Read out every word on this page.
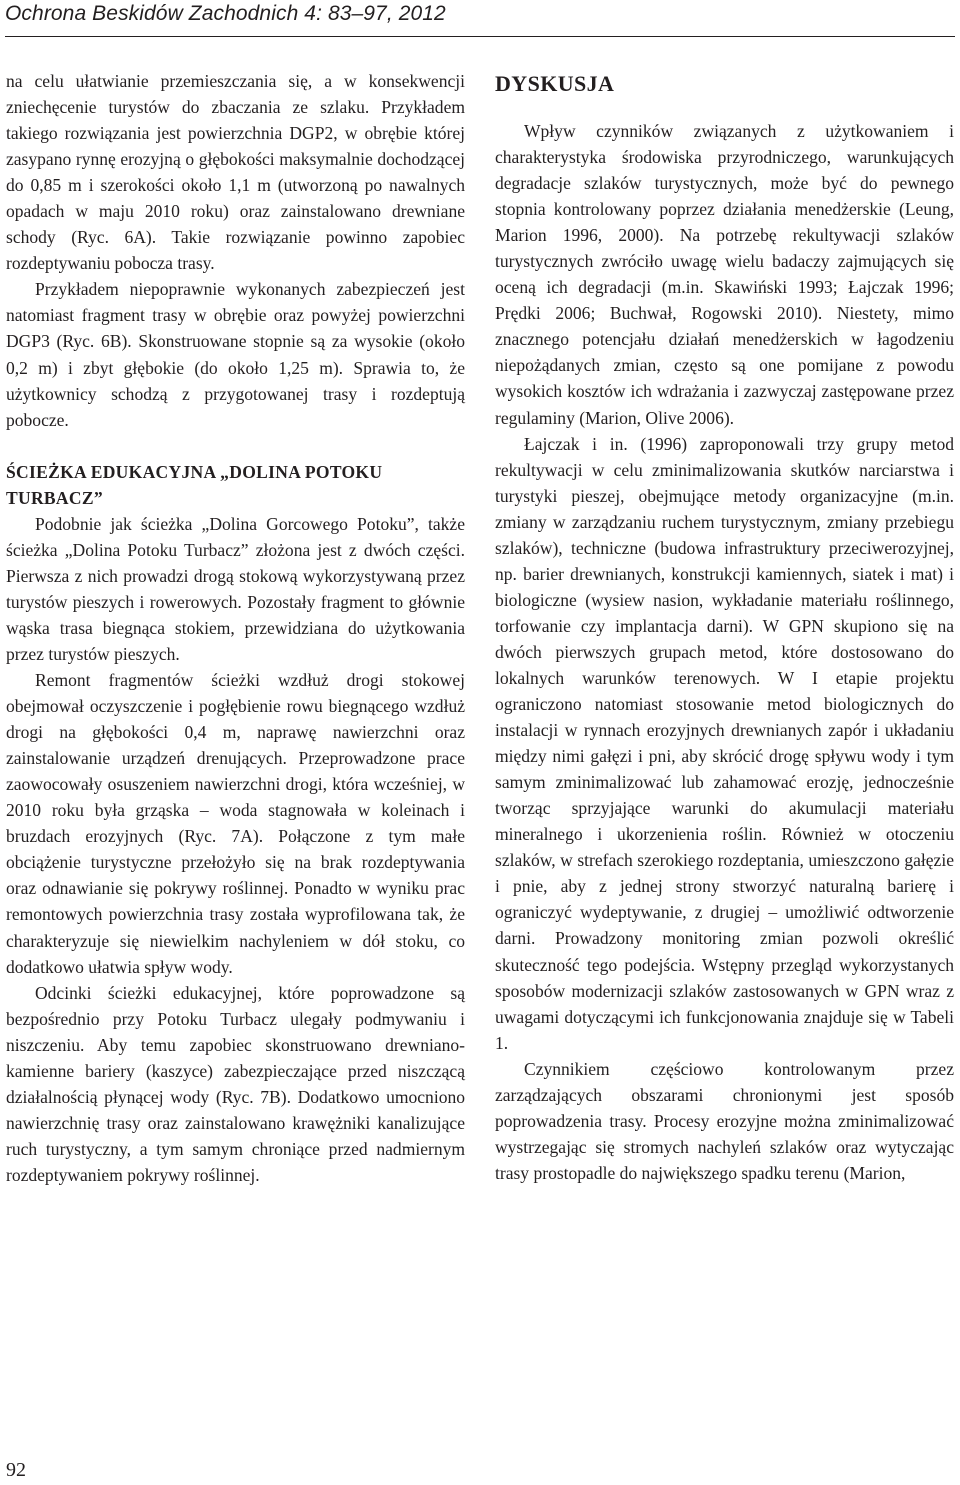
Ochrona Beskidów Zachodnich 4: 83–97, 2012

na celu ułatwianie przemieszczania się, a w konsekwencji zniechęcenie turystów do zbaczania ze szlaku. Przykładem takiego rozwiązania jest powierzchnia DGP2, w obrębie której zasypano rynnę erozyjną o głębokości maksymalnie dochodzącej do 0,85 m i szerokości około 1,1 m (utworzoną po nawalnych opadach w maju 2010 roku) oraz zainstalowano drewniane schody (Ryc. 6A). Takie rozwiązanie powinno zapobiec rozdeptywaniu pobocza trasy.

Przykładem niepoprawnie wykonanych zabezpieczeń jest natomiast fragment trasy w obrębie oraz powyżej powierzchni DGP3 (Ryc. 6B). Skonstruowane stopnie są za wysokie (około 0,2 m) i zbyt głębokie (do około 1,25 m). Sprawia to, że użytkownicy schodzą z przygotowanej trasy i rozdeptują pobocze.

ŚCIEŻKA EDUKACYJNA „DOLINA POTOKU TURBACZ”

Podobnie jak ścieżka „Dolina Gorcowego Potoku”, także ścieżka „Dolina Potoku Turbacz” złożona jest z dwóch części. Pierwsza z nich prowadzi drogą stokową wykorzystywaną przez turystów pieszych i rowerowych. Pozostały fragment to głównie wąska trasa biegnąca stokiem, przewidziana do użytkowania przez turystów pieszych.

Remont fragmentów ścieżki wzdłuż drogi stokowej obejmował oczyszczenie i pogłębienie rowu biegnącego wzdłuż drogi na głębokości 0,4 m, naprawę nawierzchni oraz zainstalowanie urządzeń drenujących. Przeprowadzone prace zaowocowały osuszeniem nawierzchni drogi, która wcześniej, w 2010 roku była grząska – woda stagnowała w koleinach i bruzdach erozyjnych (Ryc. 7A). Połączone z tym małe obciążenie turystyczne przełożyło się na brak rozdeptywania oraz odnawianie się pokrywy roślinnej. Ponadto w wyniku prac remontowych powierzchnia trasy została wyprofilowana tak, że charakteryzuje się niewielkim nachyleniem w dół stoku, co dodatkowo ułatwia spływ wody.

Odcinki ścieżki edukacyjnej, które poprowadzone są bezpośrednio przy Potoku Turbacz ulegały podmywaniu i niszczeniu. Aby temu zapobiec skonstruowano drewniano-kamienne bariery (kaszyce) zabezpieczające przed niszczącą działalnością płynącej wody (Ryc. 7B). Dodatkowo umocniono nawierzchnię trasy oraz zainstalowano krawężniki kanalizujące ruch turystyczny, a tym samym chroniące przed nadmiernym rozdeptywaniem pokrywy roślinnej.

DYSKUSJA

Wpływ czynników związanych z użytkowaniem i charakterystyka środowiska przyrodniczego, warunkujących degradacje szlaków turystycznych, może być do pewnego stopnia kontrolowany poprzez działania menedżerskie (Leung, Marion 1996, 2000). Na potrzebę rekultywacji szlaków turystycznych zwróciło uwagę wielu badaczy zajmujących się oceną ich degradacji (m.in. Skawiński 1993; Łajczak 1996; Prędki 2006; Buchwał, Rogowski 2010). Niestety, mimo znacznego potencjału działań menedżerskich w łagodzeniu niepożądanych zmian, często są one pomijane z powodu wysokich kosztów ich wdrażania i zazwyczaj zastępowane przez regulaminy (Marion, Olive 2006).

Łajczak i in. (1996) zaproponowali trzy grupy metod rekultywacji w celu zminimalizowania skutków narciarstwa i turystyki pieszej, obejmujące metody organizacyjne (m.in. zmiany w zarządzaniu ruchem turystycznym, zmiany przebiegu szlaków), techniczne (budowa infrastruktury przeciwerozyjnej, np. barier drewnianych, konstrukcji kamiennych, siatek i mat) i biologiczne (wysiew nasion, wykładanie materiału roślinnego, torfowanie czy implantacja darni). W GPN skupiono się na dwóch pierwszych grupach metod, które dostosowano do lokalnych warunków terenowych. W I etapie projektu ograniczono natomiast stosowanie metod biologicznych do instalacji w rynnach erozyjnych drewnianych zapór i układaniu między nimi gałęzi i pni, aby skrócić drogę spływu wody i tym samym zminimalizować lub zahamować erozję, jednocześnie tworząc sprzyjające warunki do akumulacji materiału mineralnego i ukorzenienia roślin. Również w otoczeniu szlaków, w strefach szerokiego rozdeptania, umieszczono gałęzie i pnie, aby z jednej strony stworzyć naturalną barierę i ograniczyć wydeptywanie, z drugiej – umożliwić odtworzenie darni. Prowadzony monitoring zmian pozwoli określić skuteczność tego podejścia. Wstępny przegląd wykorzystanych sposobów modernizacji szlaków zastosowanych w GPN wraz z uwagami dotyczącymi ich funkcjonowania znajduje się w Tabeli 1.

Czynnikiem częściowo kontrolowanym przez zarządzających obszarami chronionymi jest sposób poprowadzenia trasy. Procesy erozyjne można zminimalizować wystrzegając się stromych nachyleń szlaków oraz wytyczając trasy prostopadle do największego spadku terenu (Marion,

92
